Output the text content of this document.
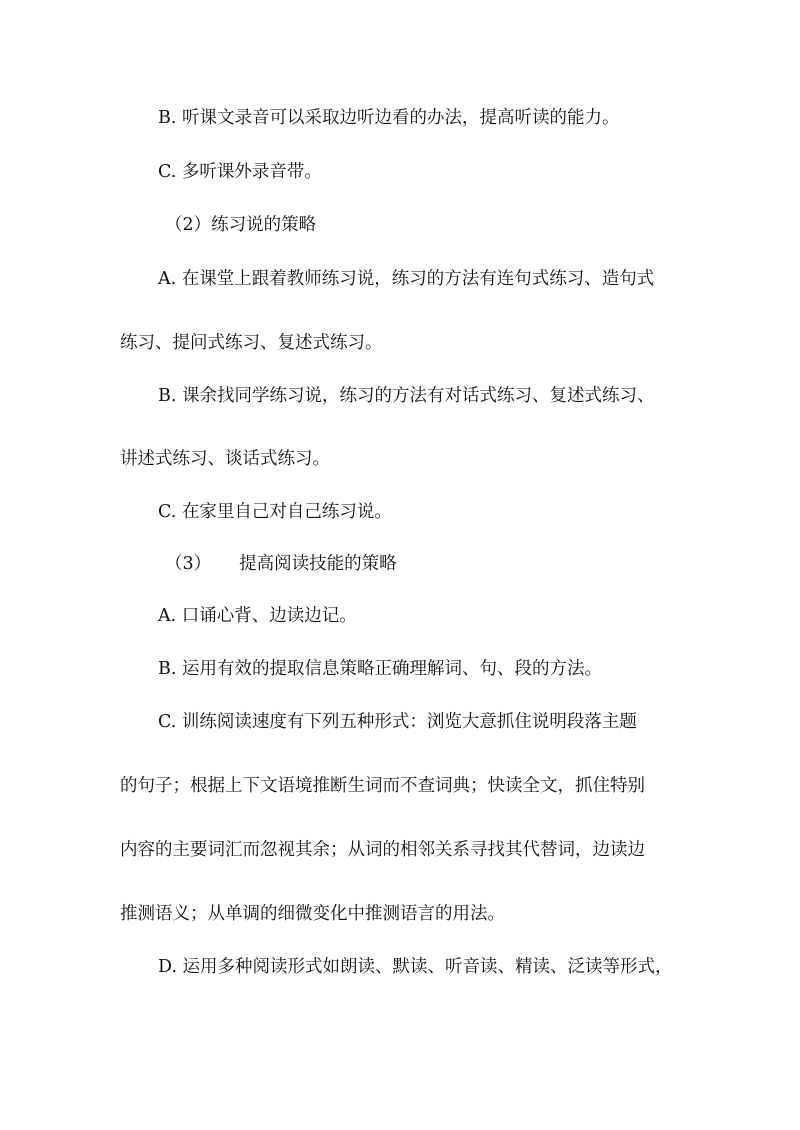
B. 听课文录音可以采取边听边看的办法，提高听读的能力。
C. 多听课外录音带。
（2）练习说的策略
A. 在课堂上跟着教师练习说，练习的方法有连句式练习、造句式
练习、提问式练习、复述式练习。
B. 课余找同学练习说，练习的方法有对话式练习、复述式练习、
讲述式练习、谈话式练习。
C. 在家里自己对自己练习说。
（3） 提高阅读技能的策略
A. 口诵心背、边读边记。
B. 运用有效的提取信息策略正确理解词、句、段的方法。
C. 训练阅读速度有下列五种形式：浏览大意抓住说明段落主题
的句子；根据上下文语境推断生词而不查词典；快读全文，抓住特别
内容的主要词汇而忽视其余；从词的相邻关系寻找其代替词，边读边
推测语义；从单调的细微变化中推测语言的用法。
D. 运用多种阅读形式如朗读、默读、听音读、精读、泛读等形式，
